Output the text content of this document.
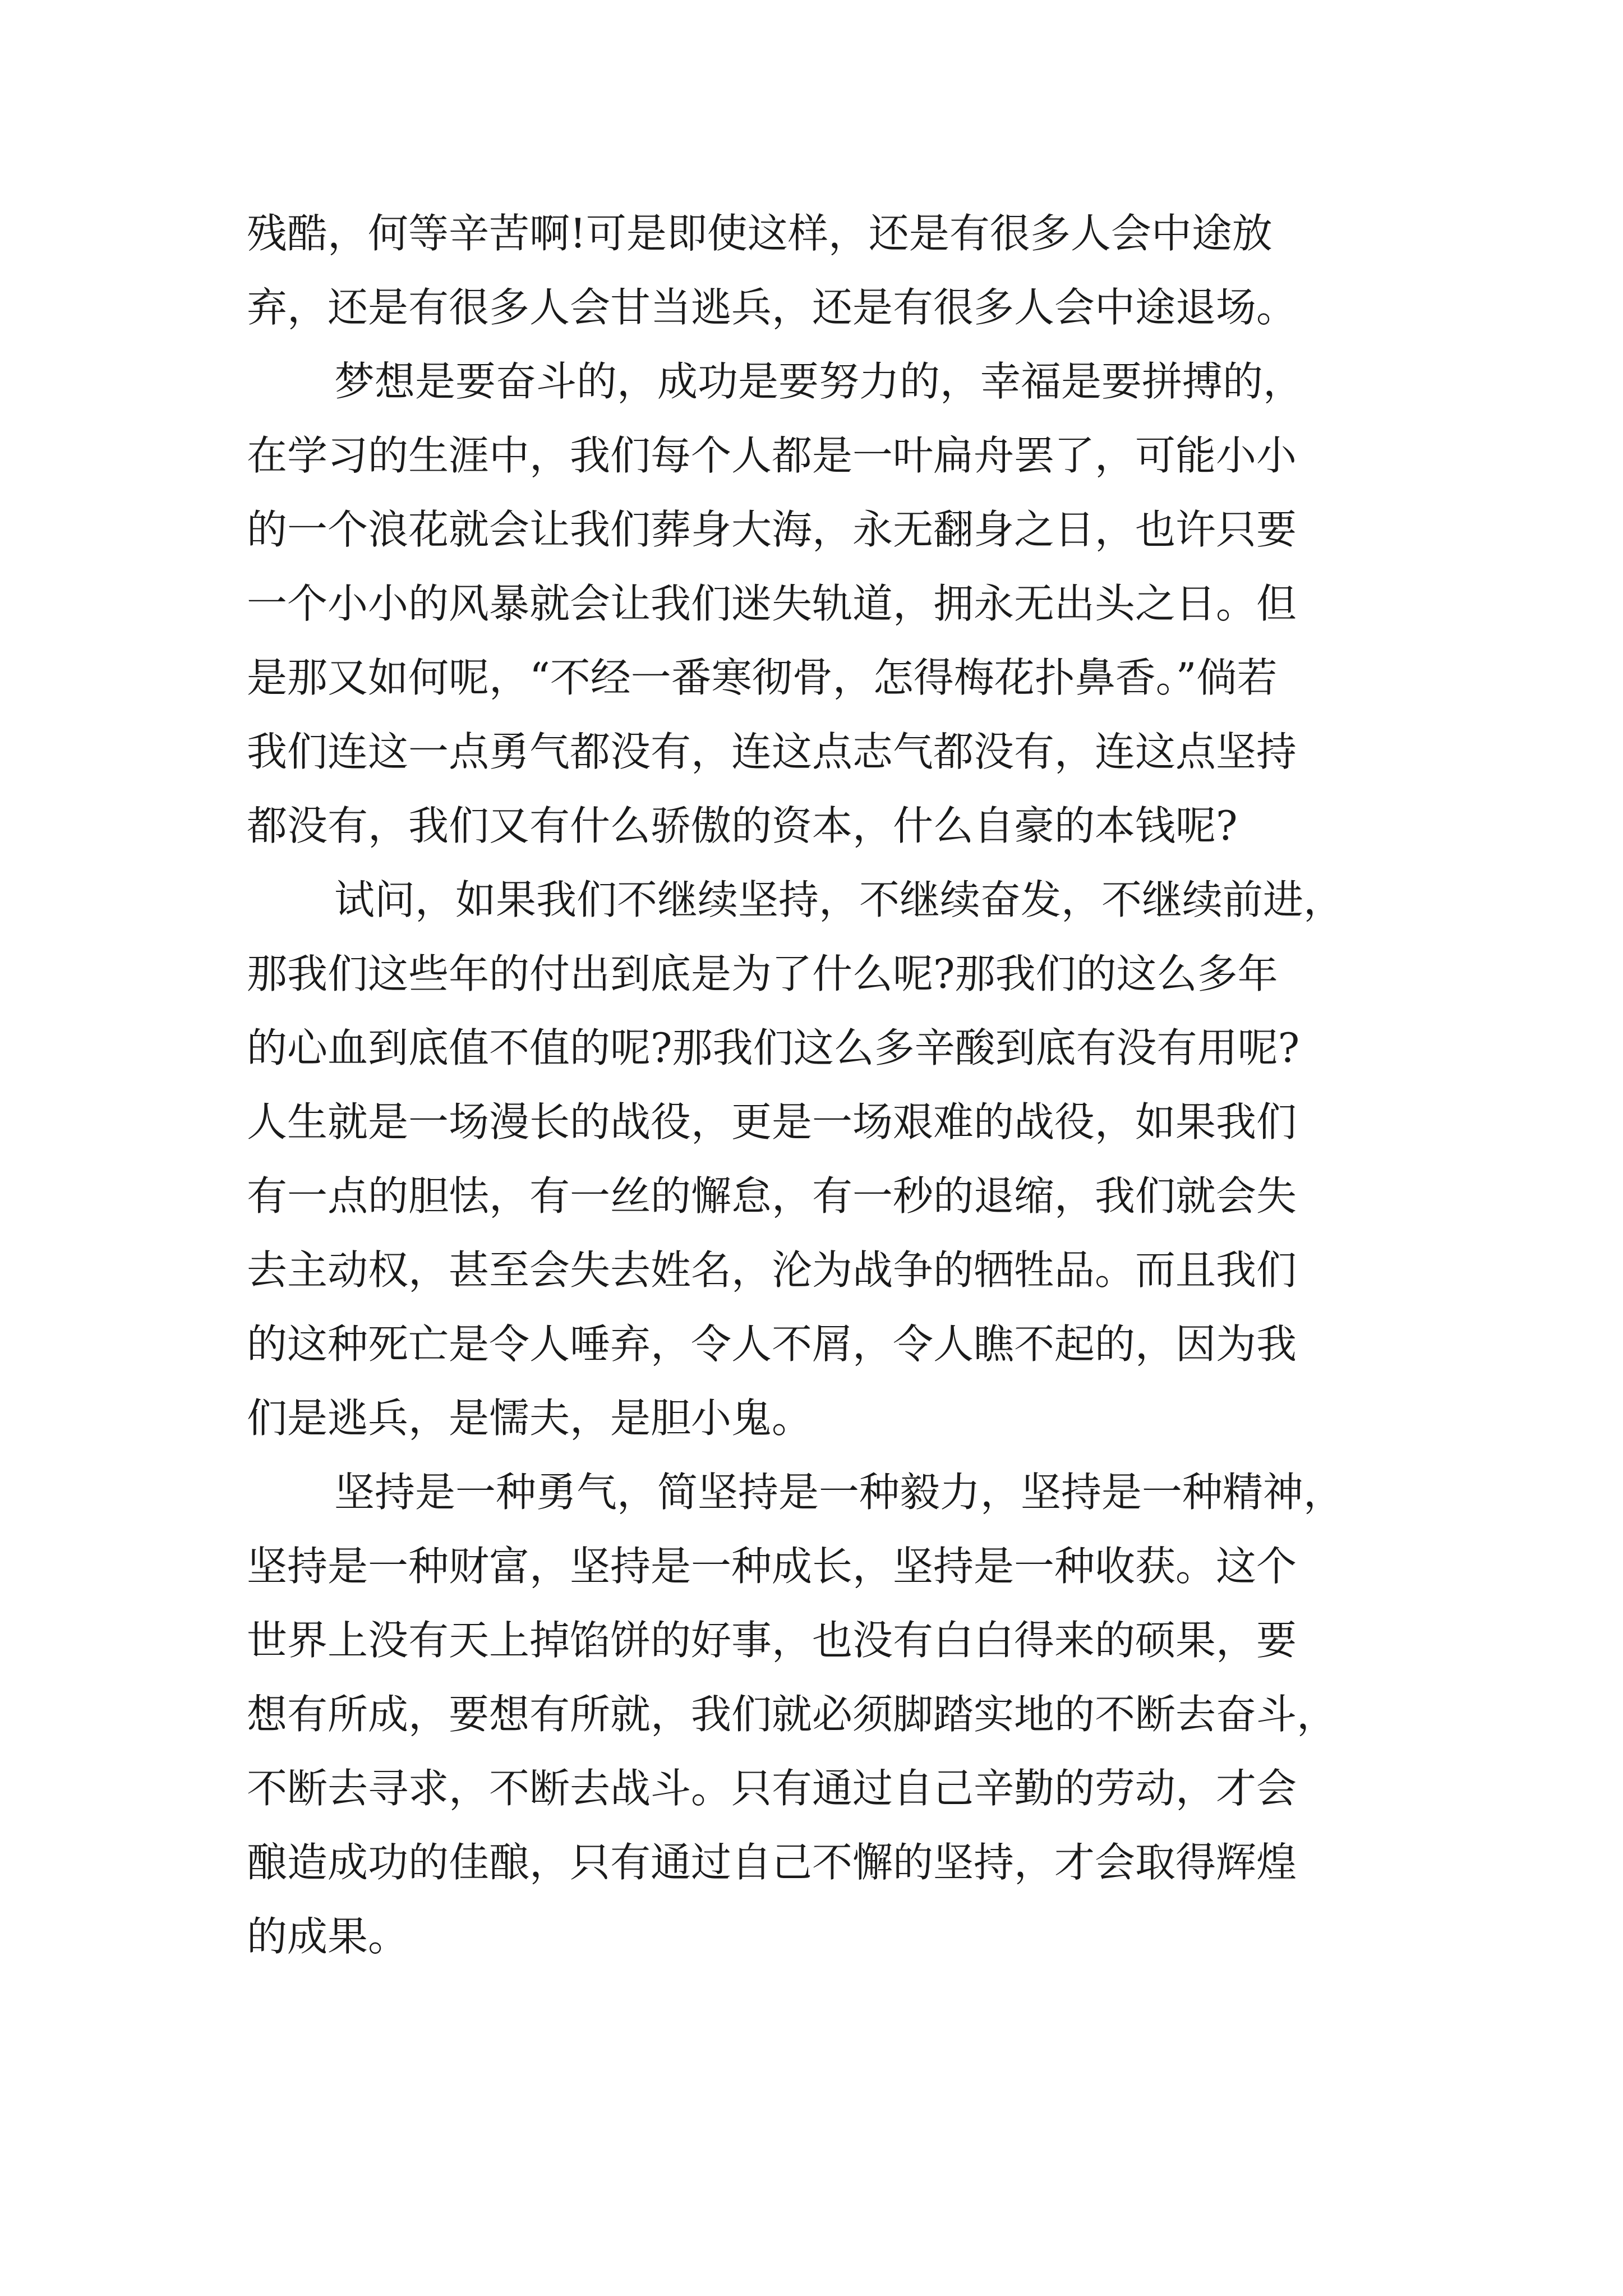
残酷，何等辛苦啊!可是即使这样，还是有很多人会中途放
弃，还是有很多人会甘当逃兵，还是有很多人会中途退场。
梦想是要奋斗的，成功是要努力的，幸福是要拼搏的，
在学习的生涯中，我们每个人都是一叶扁舟罢了，可能小小
的一个浪花就会让我们葬身大海，永无翻身之日，也许只要
一个小小的风暴就会让我们迷失轨道，拥永无出头之日。但
是那又如何呢，“不经一番寒彻骨，怎得梅花扑鼻香。”倘若
我们连这一点勇气都没有，连这点志气都没有，连这点坚持
都没有，我们又有什么骄傲的资本，什么自豪的本钱呢?
试问，如果我们不继续坚持，不继续奋发，不继续前进，
那我们这些年的付出到底是为了什么呢?那我们的这么多年
的心血到底值不值的呢?那我们这么多辛酸到底有没有用呢?
人生就是一场漫长的战役，更是一场艰难的战役，如果我们
有一点的胆怯，有一丝的懈怠，有一秒的退缩，我们就会失
去主动权，甚至会失去姓名，沦为战争的牺牲品。而且我们
的这种死亡是令人唾弃，令人不屑，令人瞧不起的，因为我
们是逃兵，是懦夫，是胆小鬼。
坚持是一种勇气，简坚持是一种毅力，坚持是一种精神，
坚持是一种财富，坚持是一种成长，坚持是一种收获。这个
世界上没有天上掉馅饼的好事，也没有白白得来的硕果，要
想有所成，要想有所就，我们就必须脚踏实地的不断去奋斗，
不断去寻求，不断去战斗。只有通过自己辛勤的劳动，才会
酿造成功的佳酿，只有通过自己不懈的坚持，才会取得辉煌
的成果。
